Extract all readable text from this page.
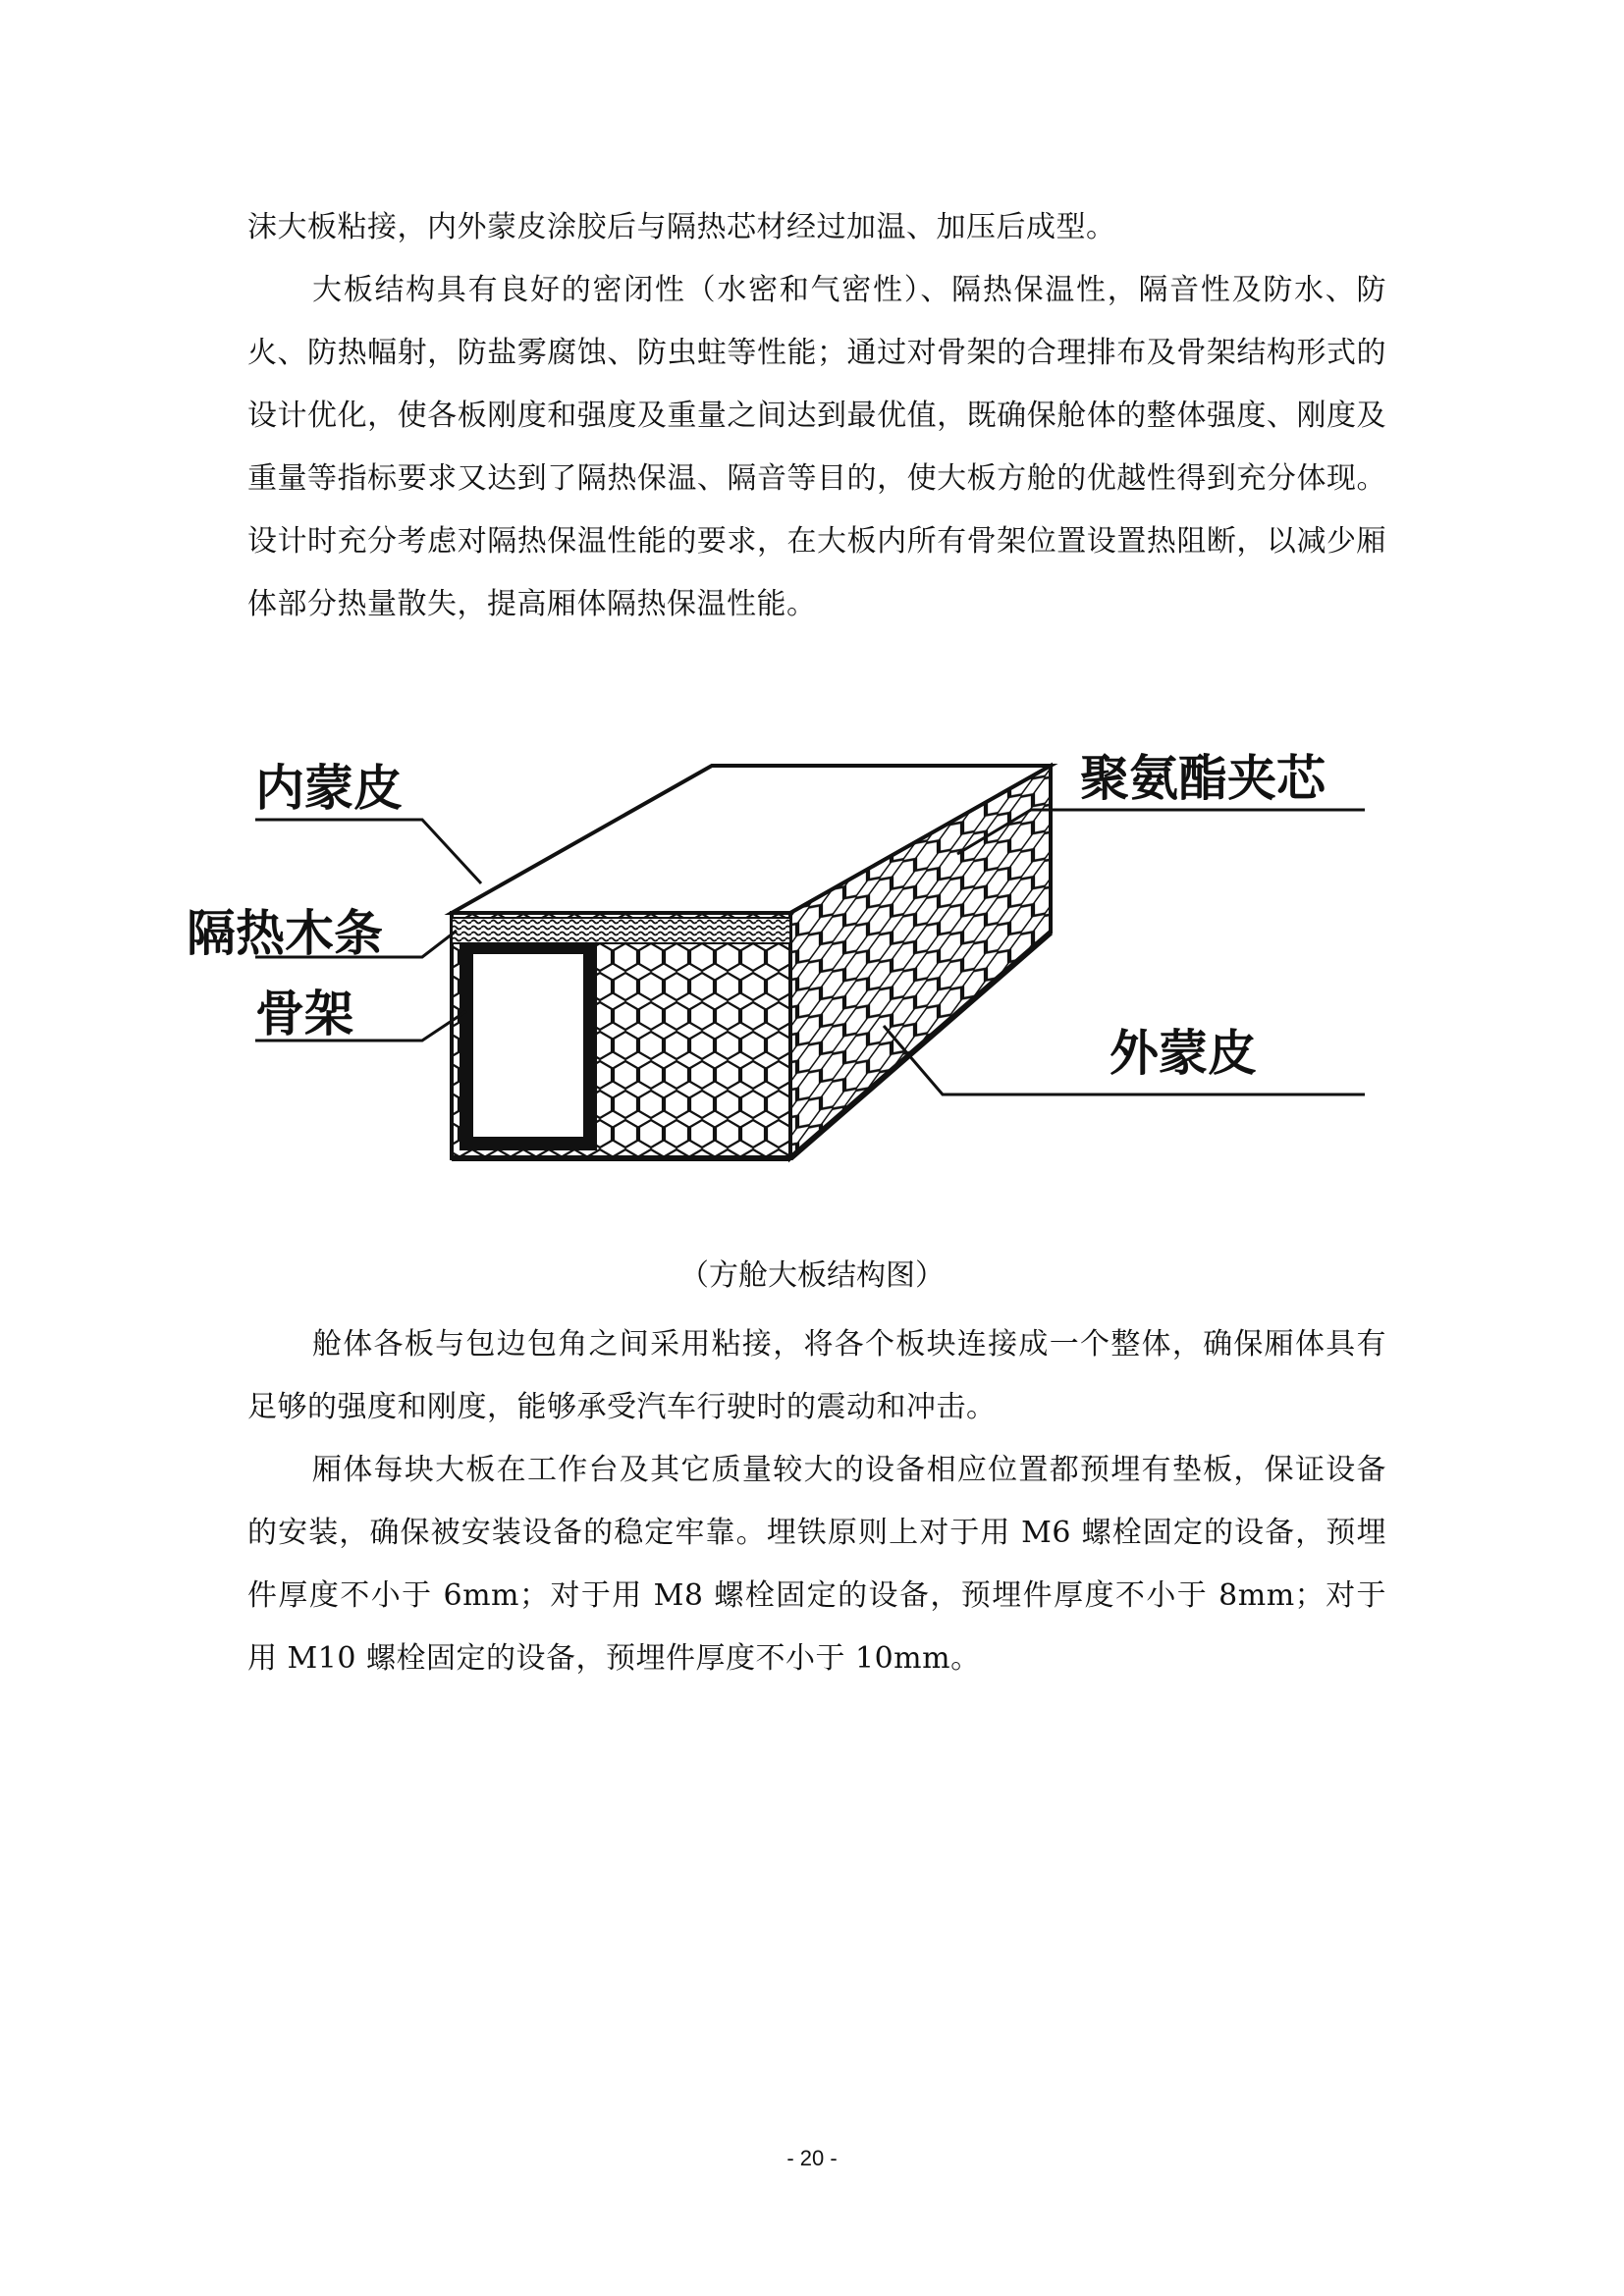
沫大板粘接，内外蒙皮涂胶后与隔热芯材经过加温、加压后成型。

大板结构具有良好的密闭性（水密和气密性）、隔热保温性，隔音性及防水、防火、防热幅射，防盐雾腐蚀、防虫蛀等性能；通过对骨架的合理排布及骨架结构形式的设计优化，使各板刚度和强度及重量之间达到最优值，既确保舱体的整体强度、刚度及重量等指标要求又达到了隔热保温、隔音等目的，使大板方舱的优越性得到充分体现。设计时充分考虑对隔热保温性能的要求，在大板内所有骨架位置设置热阻断，以减少厢体部分热量散失，提高厢体隔热保温性能。

内蒙皮	聚氨酯夹芯
隔热木条
骨架
外蒙皮
（方舱大板结构图）

舱体各板与包边包角之间采用粘接，将各个板块连接成一个整体，确保厢体具有足够的强度和刚度，能够承受汽车行驶时的震动和冲击。

厢体每块大板在工作台及其它质量较大的设备相应位置都预埋有垫板，保证设备的安装，确保被安装设备的稳定牢靠。埋铁原则上对于用 M6 螺栓固定的设备，预埋件厚度不小于 6mm；对于用 M8 螺栓固定的设备，预埋件厚度不小于 8mm；对于用 M10 螺栓固定的设备，预埋件厚度不小于 10mm。

- 20 -
